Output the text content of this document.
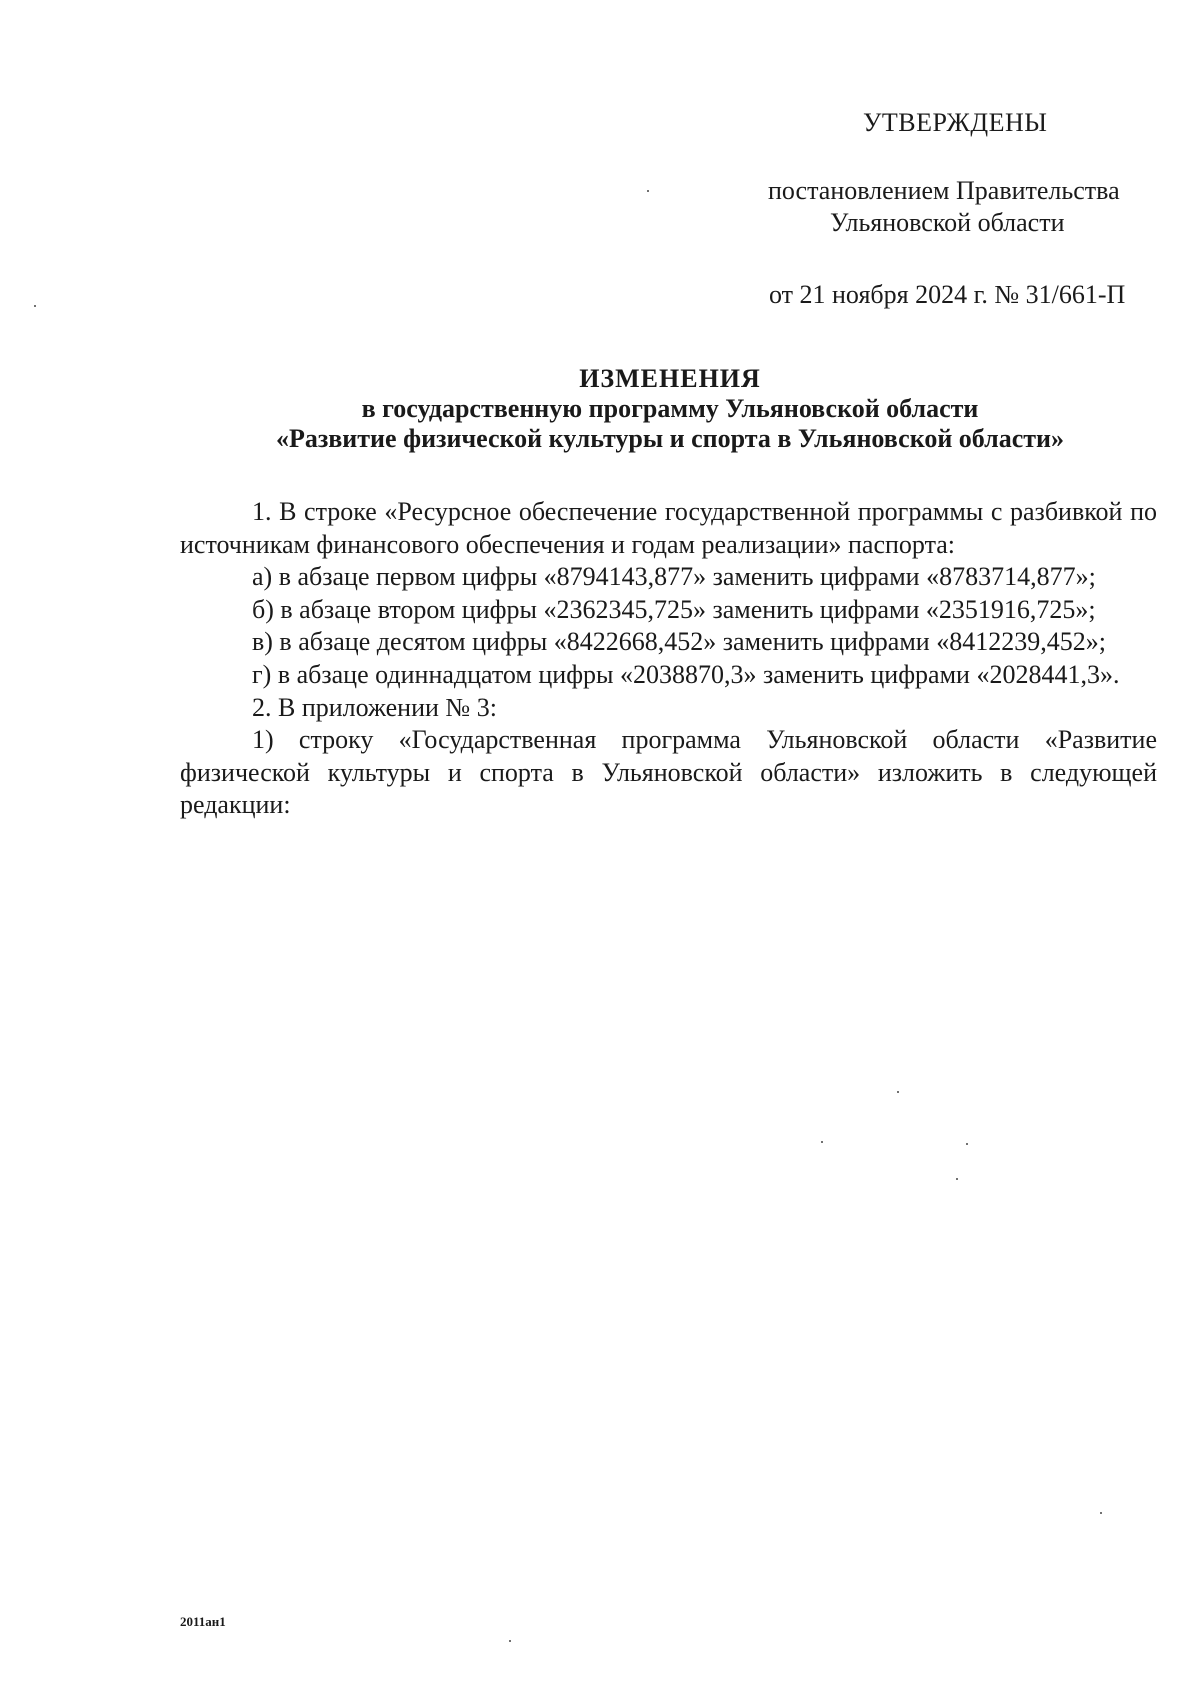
УТВЕРЖДЕНЫ
постановлением Правительства
Ульяновской области
от 21 ноября 2024 г. № 31/661-П
ИЗМЕНЕНИЯ
в государственную программу Ульяновской области
«Развитие физической культуры и спорта в Ульяновской области»

1. В строке «Ресурсное обеспечение государственной программы с разбивкой по источникам финансового обеспечения и годам реализации» паспорта:

а) в абзаце первом цифры «8794143,877» заменить цифрами «8783714,877»;

б) в абзаце втором цифры «2362345,725» заменить цифрами «2351916,725»;

в) в абзаце десятом цифры «8422668,452» заменить цифрами «8412239,452»;

г) в абзаце одиннадцатом цифры «2038870,3» заменить цифрами «2028441,3».

2. В приложении № 3:

1) строку «Государственная программа Ульяновской области «Развитие физической культуры и спорта в Ульяновской области» изложить в следующей редакции:

2011ан1
